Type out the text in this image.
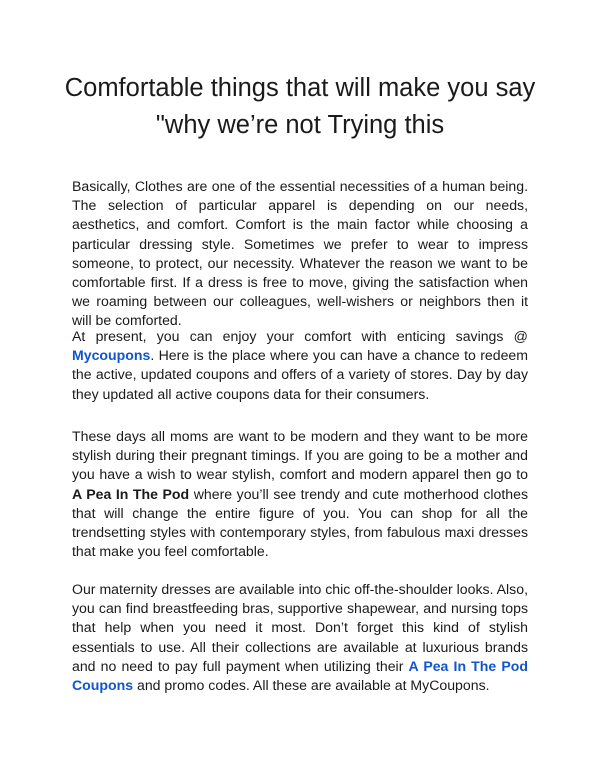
Comfortable things that will make you say "why we’re not Trying this

Basically, Clothes are one of the essential necessities of a human being. The selection of particular apparel is depending on our needs, aesthetics, and comfort. Comfort is the main factor while choosing a particular dressing style. Sometimes we prefer to wear to impress someone, to protect, our necessity. Whatever the reason we want to be comfortable first. If a dress is free to move, giving the satisfaction when we roaming between our colleagues, well-wishers or neighbors then it will be comforted.

At present, you can enjoy your comfort with enticing savings @ Mycoupons. Here is the place where you can have a chance to redeem the active, updated coupons and offers of a variety of stores. Day by day they updated all active coupons data for their consumers.

These days all moms are want to be modern and they want to be more stylish during their pregnant timings. If you are going to be a mother and you have a wish to wear stylish, comfort and modern apparel then go to A Pea In The Pod where you’ll see trendy and cute motherhood clothes that will change the entire figure of you. You can shop for all the trendsetting styles with contemporary styles, from fabulous maxi dresses that make you feel comfortable.

Our maternity dresses are available into chic off-the-shoulder looks. Also, you can find breastfeeding bras, supportive shapewear, and nursing tops that help when you need it most. Don’t forget this kind of stylish essentials to use. All their collections are available at luxurious brands and no need to pay full payment when utilizing their A Pea In The Pod Coupons and promo codes. All these are available at MyCoupons.
